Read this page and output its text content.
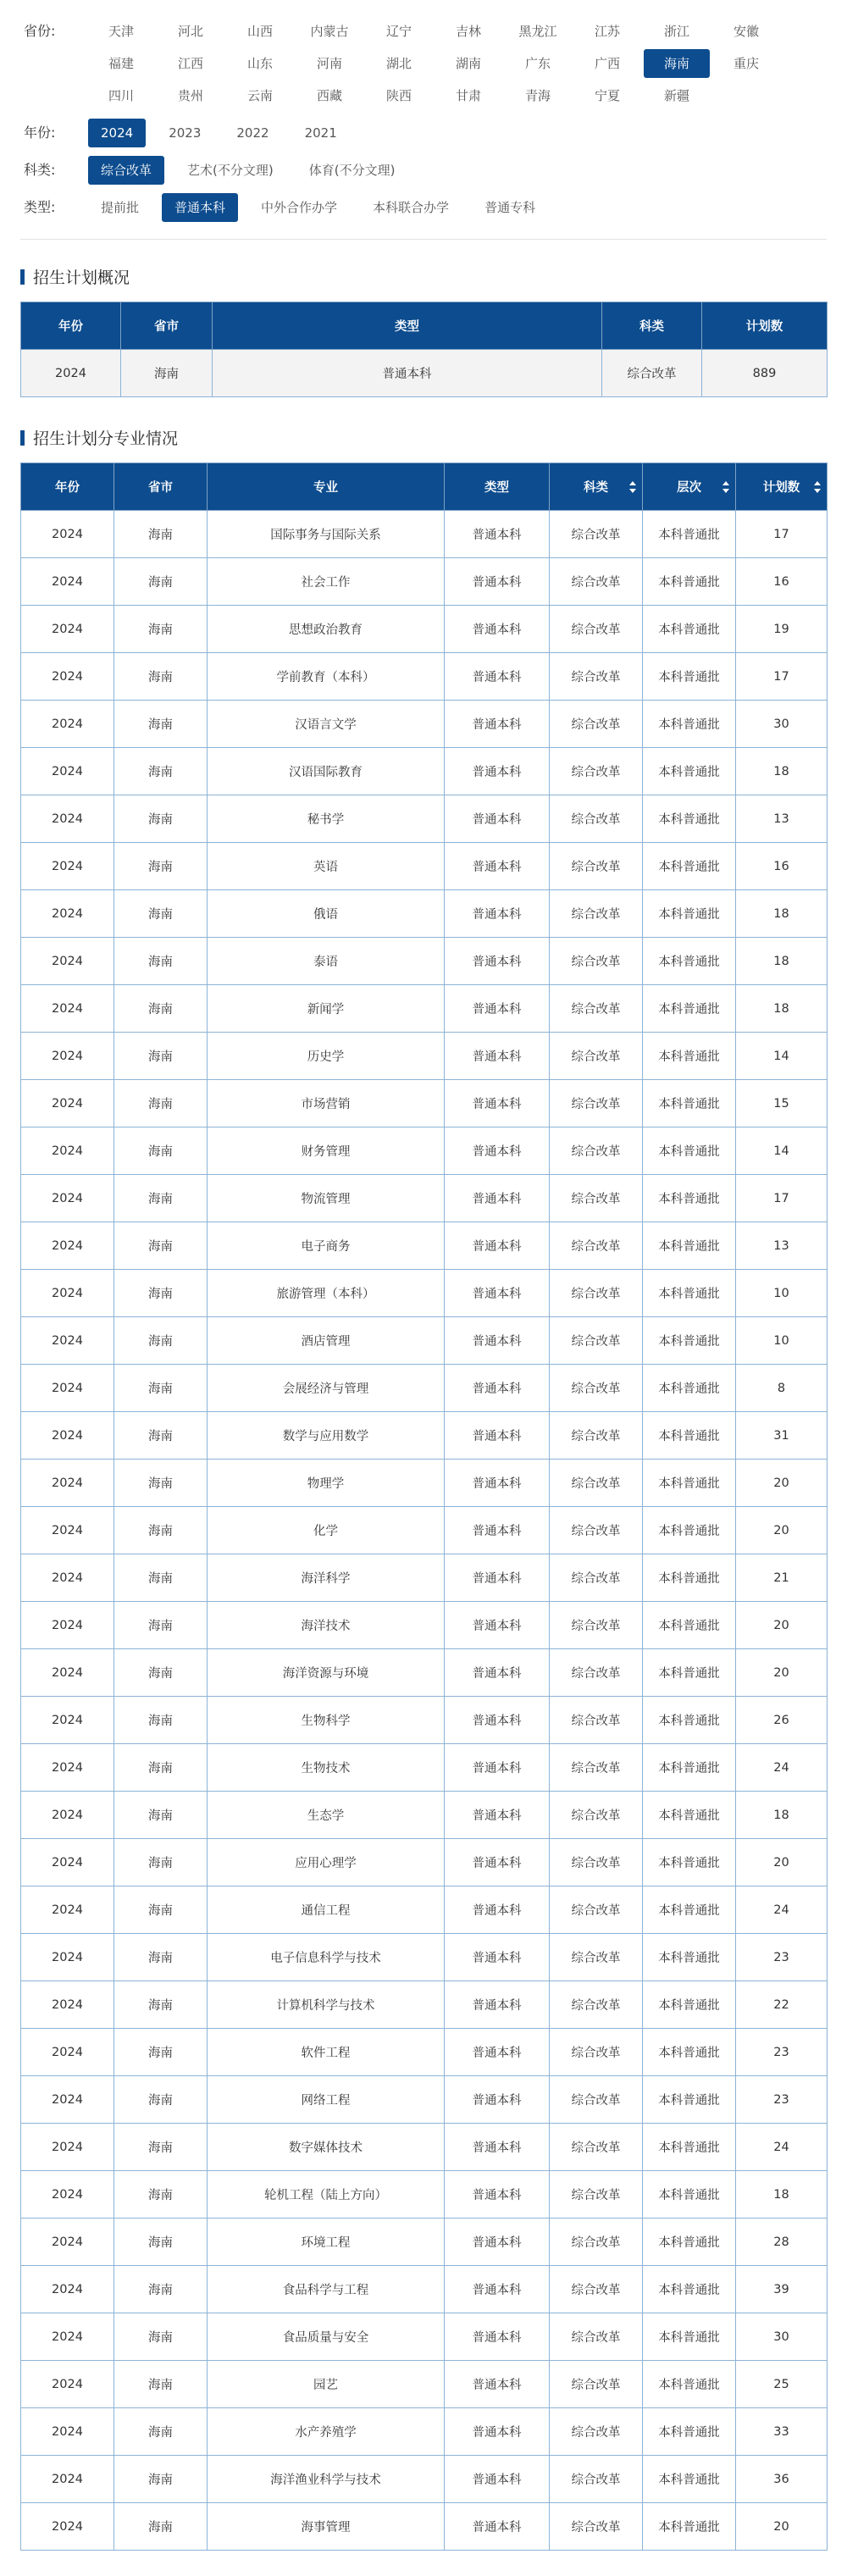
省份:	天津	河北	山西	内蒙古	辽宁	吉林	黑龙江	江苏	浙江	安徽
福建	江西	山东	河南	湖北	湖南	广东	广西	海南	重庆
四川	贵州	云南	西藏	陕西	甘肃	青海	宁夏	新疆
年份:	2024	2023	2022	2021
科类:	综合改革	艺术(不分文理)	体育(不分文理)
类型:	提前批	普通本科	中外合作办学	本科联合办学	普通专科
招生计划概况
年份	省市	类型	科类	计划数
2024	海南	普通本科	综合改革	889
招生计划分专业情况
年份	省市	专业	类型	科类	层次	计划数

2024	海南	国际事务与国际关系	普通本科	综合改革	本科普通批	17
2024	海南	社会工作	普通本科	综合改革	本科普通批	16
2024	海南	思想政治教育	普通本科	综合改革	本科普通批	19
2024	海南	学前教育（本科）	普通本科	综合改革	本科普通批	17
2024	海南	汉语言文学	普通本科	综合改革	本科普通批	30
2024	海南	汉语国际教育	普通本科	综合改革	本科普通批	18
2024	海南	秘书学	普通本科	综合改革	本科普通批	13
2024	海南	英语	普通本科	综合改革	本科普通批	16
2024	海南	俄语	普通本科	综合改革	本科普通批	18
2024	海南	泰语	普通本科	综合改革	本科普通批	18
2024	海南	新闻学	普通本科	综合改革	本科普通批	18
2024	海南	历史学	普通本科	综合改革	本科普通批	14
2024	海南	市场营销	普通本科	综合改革	本科普通批	15
2024	海南	财务管理	普通本科	综合改革	本科普通批	14
2024	海南	物流管理	普通本科	综合改革	本科普通批	17
2024	海南	电子商务	普通本科	综合改革	本科普通批	13
2024	海南	旅游管理（本科）	普通本科	综合改革	本科普通批	10
2024	海南	酒店管理	普通本科	综合改革	本科普通批	10
2024	海南	会展经济与管理	普通本科	综合改革	本科普通批	8
2024	海南	数学与应用数学	普通本科	综合改革	本科普通批	31
2024	海南	物理学	普通本科	综合改革	本科普通批	20
2024	海南	化学	普通本科	综合改革	本科普通批	20
2024	海南	海洋科学	普通本科	综合改革	本科普通批	21
2024	海南	海洋技术	普通本科	综合改革	本科普通批	20
2024	海南	海洋资源与环境	普通本科	综合改革	本科普通批	20
2024	海南	生物科学	普通本科	综合改革	本科普通批	26
2024	海南	生物技术	普通本科	综合改革	本科普通批	24
2024	海南	生态学	普通本科	综合改革	本科普通批	18
2024	海南	应用心理学	普通本科	综合改革	本科普通批	20
2024	海南	通信工程	普通本科	综合改革	本科普通批	24
2024	海南	电子信息科学与技术	普通本科	综合改革	本科普通批	23
2024	海南	计算机科学与技术	普通本科	综合改革	本科普通批	22
2024	海南	软件工程	普通本科	综合改革	本科普通批	23
2024	海南	网络工程	普通本科	综合改革	本科普通批	23
2024	海南	数字媒体技术	普通本科	综合改革	本科普通批	24
2024	海南	轮机工程（陆上方向）	普通本科	综合改革	本科普通批	18
2024	海南	环境工程	普通本科	综合改革	本科普通批	28
2024	海南	食品科学与工程	普通本科	综合改革	本科普通批	39
2024	海南	食品质量与安全	普通本科	综合改革	本科普通批	30
2024	海南	园艺	普通本科	综合改革	本科普通批	25
2024	海南	水产养殖学	普通本科	综合改革	本科普通批	33
2024	海南	海洋渔业科学与技术	普通本科	综合改革	本科普通批	36
2024	海南	海事管理	普通本科	综合改革	本科普通批	20
